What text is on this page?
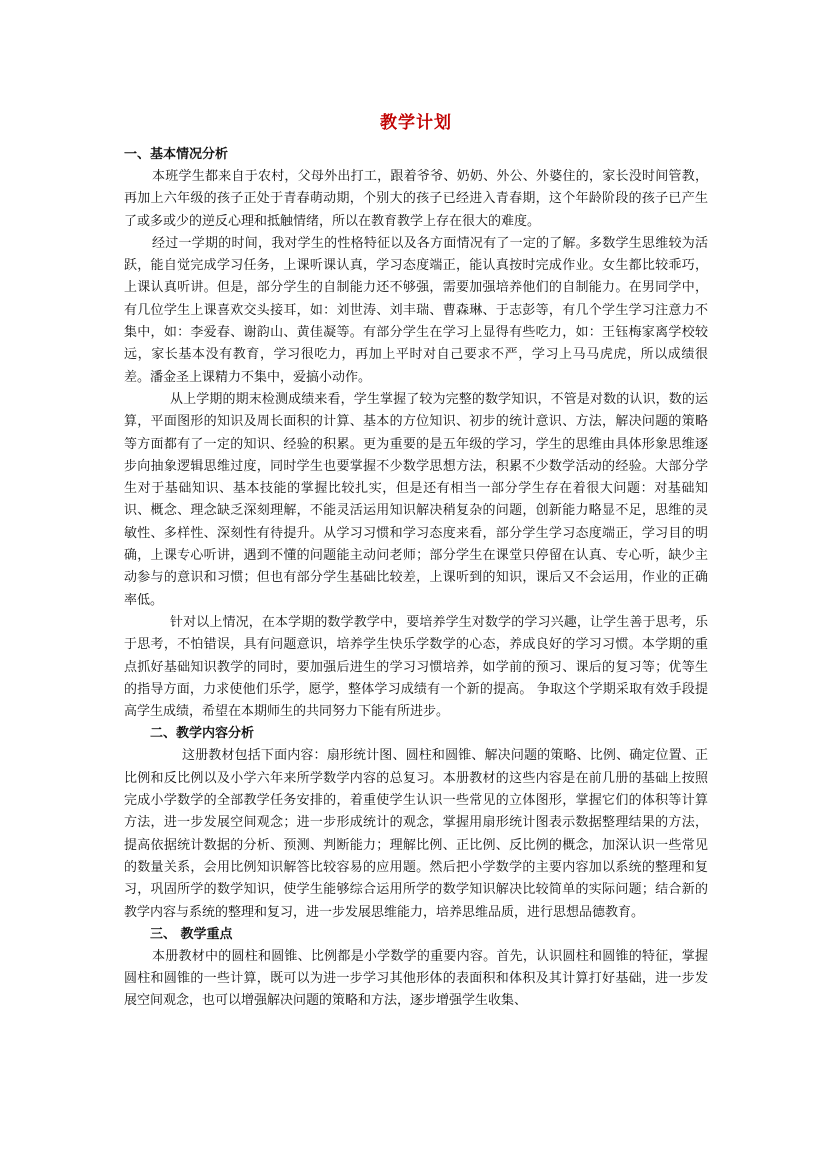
教学计划
一、基本情况分析

本班学生都来自于农村，父母外出打工，跟着爷爷、奶奶、外公、外婆住的，家长没时间管教，再加上六年级的孩子正处于青春萌动期，个别大的孩子已经进入青春期，这个年龄阶段的孩子已产生了或多或少的逆反心理和抵触情绪，所以在教育教学上存在很大的难度。

经过一学期的时间，我对学生的性格特征以及各方面情况有了一定的了解。多数学生思维较为活跃，能自觉完成学习任务，上课听课认真，学习态度端正，能认真按时完成作业。女生都比较乖巧，上课认真听讲。但是，部分学生的自制能力还不够强，需要加强培养他们的自制能力。在男同学中，有几位学生上课喜欢交头接耳，如：刘世涛、刘丰瑞、曹森琳、于志彭等，有几个学生学习注意力不集中，如：李爱春、谢韵山、黄佳凝等。有部分学生在学习上显得有些吃力，如：王钰梅家离学校较远，家长基本没有教育，学习很吃力，再加上平时对自己要求不严，学习上马马虎虎，所以成绩很差。潘金圣上课精力不集中，爱搞小动作。

从上学期的期末检测成绩来看，学生掌握了较为完整的数学知识，不管是对数的认识，数的运算，平面图形的知识及周长面积的计算、基本的方位知识、初步的统计意识、方法，解决问题的策略等方面都有了一定的知识、经验的积累。更为重要的是五年级的学习，学生的思维由具体形象思维逐步向抽象逻辑思维过度，同时学生也要掌握不少数学思想方法，积累不少数学活动的经验。大部分学生对于基础知识、基本技能的掌握比较扎实，但是还有相当一部分学生存在着很大问题：对基础知识、概念、理念缺乏深刻理解，不能灵活运用知识解决稍复杂的问题，创新能力略显不足，思维的灵敏性、多样性、深刻性有待提升。从学习习惯和学习态度来看，部分学生学习态度端正，学习目的明确，上课专心听讲，遇到不懂的问题能主动问老师；部分学生在课堂只停留在认真、专心听，缺少主动参与的意识和习惯；但也有部分学生基础比较差，上课听到的知识，课后又不会运用，作业的正确率低。

针对以上情况，在本学期的数学教学中，要培养学生对数学的学习兴趣，让学生善于思考，乐于思考，不怕错误，具有问题意识，培养学生快乐学数学的心态，养成良好的学习习惯。本学期的重点抓好基础知识教学的同时，要加强后进生的学习习惯培养，如学前的预习、课后的复习等；优等生的指导方面，力求使他们乐学，愿学，整体学习成绩有一个新的提高。 争取这个学期采取有效手段提高学生成绩，希望在本期师生的共同努力下能有所进步。

二、教学内容分析

这册教材包括下面内容：扇形统计图、圆柱和圆锥、解决问题的策略、比例、确定位置、正比例和反比例以及小学六年来所学数学内容的总复习。本册教材的这些内容是在前几册的基础上按照完成小学数学的全部教学任务安排的，着重使学生认识一些常见的立体图形，掌握它们的体积等计算方法，进一步发展空间观念；进一步形成统计的观念，掌握用扇形统计图表示数据整理结果的方法，提高依据统计数据的分析、预测、判断能力；理解比例、正比例、反比例的概念，加深认识一些常见的数量关系，会用比例知识解答比较容易的应用题。然后把小学数学的主要内容加以系统的整理和复习，巩固所学的数学知识，使学生能够综合运用所学的数学知识解决比较简单的实际问题；结合新的教学内容与系统的整理和复习，进一步发展思维能力，培养思维品质，进行思想品德教育。

三、 教学重点

本册教材中的圆柱和圆锥、比例都是小学数学的重要内容。首先，认识圆柱和圆锥的特征，掌握圆柱和圆锥的一些计算，既可以为进一步学习其他形体的表面积和体积及其计算打好基础，进一步发展空间观念，也可以增强解决问题的策略和方法，逐步增强学生收集、
